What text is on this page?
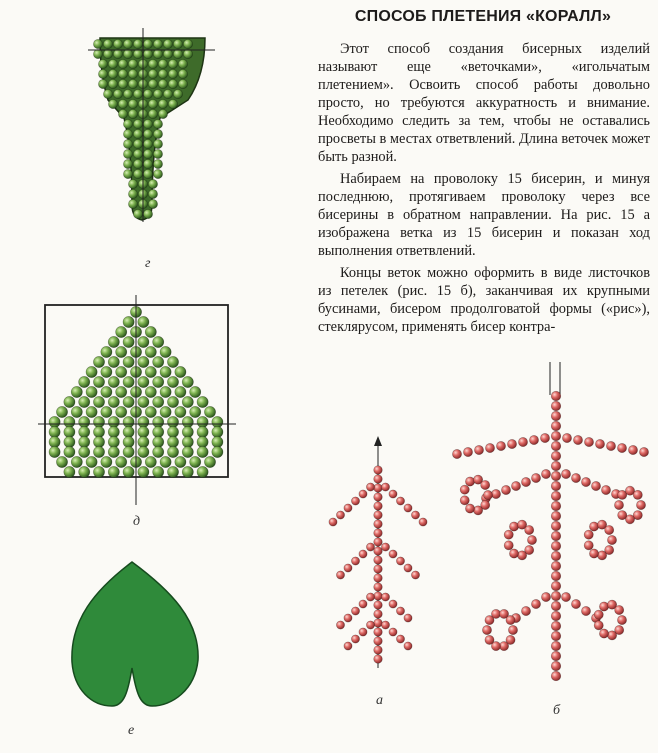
СПОСОБ ПЛЕТЕНИЯ «КОРАЛЛ»

Этот способ создания бисерных изделий называют еще «веточками», «игольчатым плетением». Освоить способ работы довольно просто, но требуются аккуратность и внимание. Необходимо следить за тем, чтобы не оставались просветы в местах ответвлений. Длина веточек может быть разной.

Набираем на проволоку 15 бисерин, и минуя последнюю, протягиваем проволоку через все бисерины в обратном направлении. На рис. 15 а изображена ветка из 15 бисерин и показан ход выполнения ответвлений.

Концы веток можно оформить в виде листочков из петелек (рис. 15 б), заканчивая их крупными бусинами, бисером продолговатой формы («рис»), стеклярусом, применять бисер контра-

г
д
е
а
б
